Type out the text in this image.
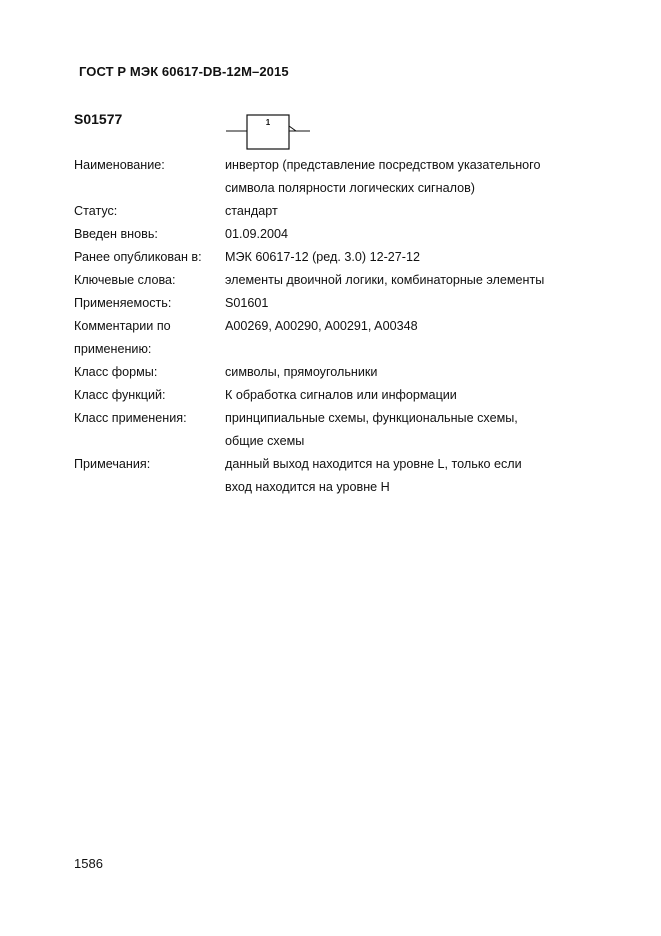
ГОСТ Р МЭК 60617-DB-12M–2015
S01577	1
Наименование:	инвертор (представление посредством указательного
символа полярности логических сигналов)
Статус:	стандарт
Введен вновь:	01.09.2004
Ранее опубликован в:	МЭК 60617-12 (ред. 3.0) 12-27-12
Ключевые слова:	элементы двоичной логики, комбинаторные элементы
Применяемость:	S01601
Комментарии по
применению:
A00269, A00290, A00291, A00348
Класс формы:	символы, прямоугольники
Класс функций:	К обработка сигналов или информации
Класс применения:	принципиальные схемы, функциональные схемы,
общие схемы
Примечания:	данный выход находится на уровне L, только если
вход находится на уровне H
1586
